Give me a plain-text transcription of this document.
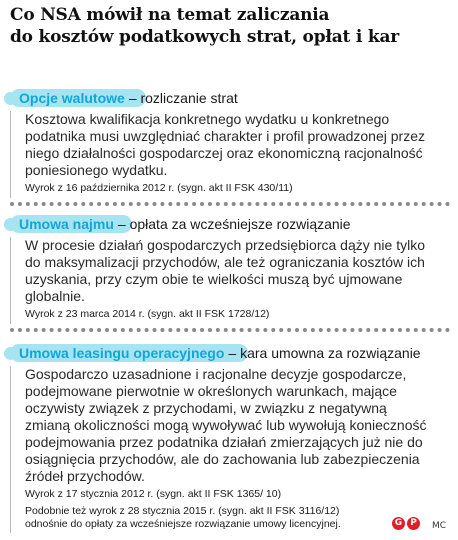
Co NSA mówił na temat zaliczania
do kosztów podatkowych strat, opłat i kar
Opcje walutowe – rozliczanie strat

Kosztowa kwalifikacja konkretnego wydatku u konkretnego

podatnika musi uwzględniać charakter i profil prowadzonej przez

niego działalności gospodarczej oraz ekonomiczną racjonalność

poniesionego wydatku.

Wyrok z 16 października 2012 r. (sygn. akt II FSK 430/11)
Umowa najmu – opłata za wcześniejsze rozwiązanie

W procesie działań gospodarczych przedsiębiorca dąży nie tylko

do maksymalizacji przychodów, ale też ograniczania kosztów ich

uzyskania, przy czym obie te wielkości muszą być ujmowane

globalnie.

Wyrok z 23 marca 2014 r. (sygn. akt II FSK 1728/12)
Umowa leasingu operacyjnego – kara umowna za rozwiązanie

Gospodarczo uzasadnione i racjonalne decyzje gospodarcze,

podejmowane pierwotnie w określonych warunkach, mające

oczywisty związek z przychodami, w związku z negatywną

zmianą okoliczności mogą wywoływać lub wywołują konieczność

podejmowania przez podatnika działań zmierzających już nie do

osiągnięcia przychodów, ale do zachowania lub zabezpieczenia

źródeł przychodów.

Wyrok z 17 stycznia 2012 r. (sygn. akt II FSK 1365/ 10)
Podobnie też wyrok z 28 stycznia 2015 r. (sygn. akt II FSK 3116/12)
odnośnie do opłaty za wcześniejsze rozwiązanie umowy licencyjnej.	G P	MC
